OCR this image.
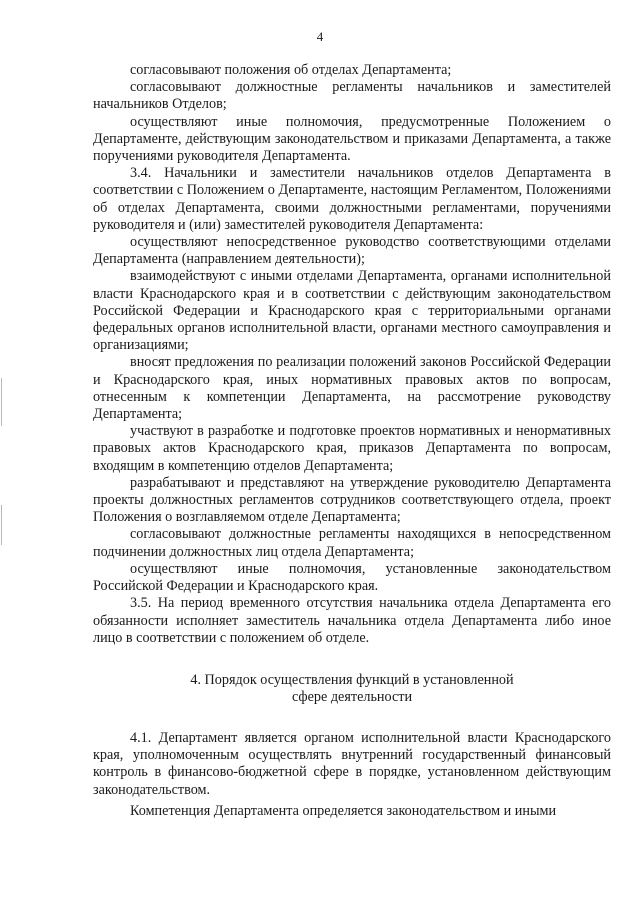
4

согласовывают положения об отделах Департамента;

согласовывают должностные регламенты начальников и заместителей начальников Отделов;

осуществляют иные полномочия, предусмотренные Положением о Департаменте, действующим законодательством и приказами Департамента, а также поручениями руководителя Департамента.

3.4. Начальники и заместители начальников отделов Департамента в соответствии с Положением о Департаменте, настоящим Регламентом, Положениями об отделах Департамента, своими должностными регламентами, поручениями руководителя и (или) заместителей руководителя Департамента:

осуществляют непосредственное руководство соответствующими отделами Департамента (направлением деятельности);

взаимодействуют с иными отделами Департамента, органами исполнительной власти Краснодарского края и в соответствии с действующим законодательством Российской Федерации и Краснодарского края с территориальными органами федеральных органов исполнительной власти, органами местного самоуправления и организациями;

вносят предложения по реализации положений законов Российской Федерации и Краснодарского края, иных нормативных правовых актов по вопросам, отнесенным к компетенции Департамента, на рассмотрение руководству Департамента;

участвуют в разработке и подготовке проектов нормативных и ненормативных правовых актов Краснодарского края, приказов Департамента по вопросам, входящим в компетенцию отделов Департамента;

разрабатывают и представляют на утверждение руководителю Департамента проекты должностных регламентов сотрудников соответствующего отдела, проект Положения о возглавляемом отделе Департамента;

согласовывают должностные регламенты находящихся в непосредственном подчинении должностных лиц отдела Департамента;

осуществляют иные полномочия, установленные законодательством Российской Федерации и Краснодарского края.

3.5. На период временного отсутствия начальника отдела Департамента его обязанности исполняет заместитель начальника отдела Департамента либо иное лицо в соответствии с положением об отделе.

4. Порядок осуществления функций в установленной
сфере деятельности

4.1. Департамент является органом исполнительной власти Краснодарского края, уполномоченным осуществлять внутренний государственный финансовый контроль в финансово-бюджетной сфере в порядке, установленном действующим законодательством.

Компетенция Департамента определяется законодательством и иными
